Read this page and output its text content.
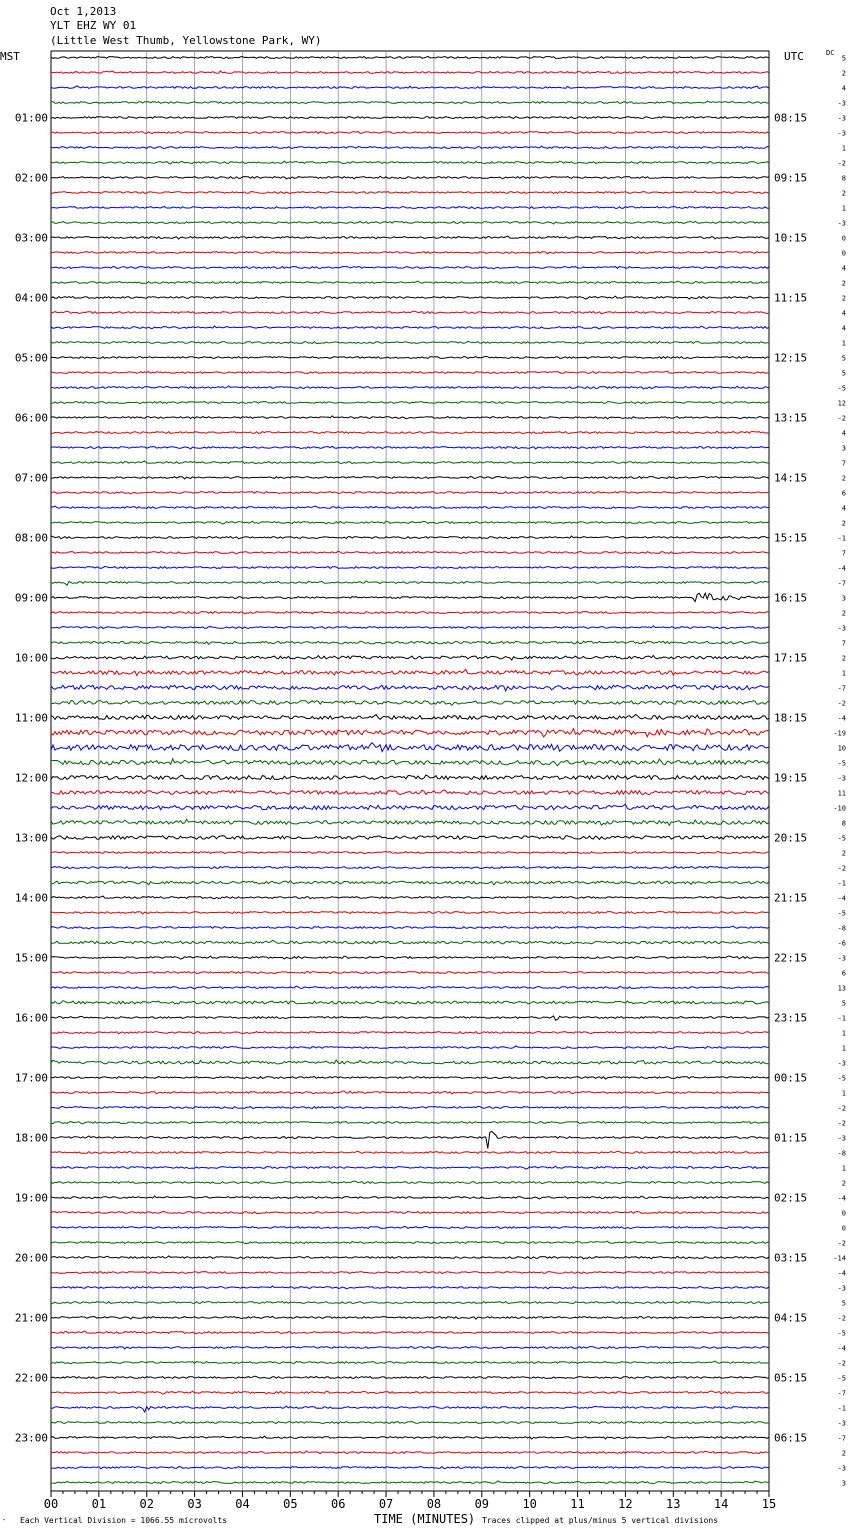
Oct 1,2013
YLT EHZ WY 01
(Little West Thumb, Yellowstone Park, WY)
MST	UTC	DC
5
2
4
-3
-3
-3
1
-2
8
2
1
-3
0
0
4
2
2
4
4
1
5
5
-5
12
-2
4
3
7
2
6
4
2
-1
7
-4
-7
3
2
-3
7
2
1
-7
-2
-4
-19
10
-5
-3
11
-10
8
-5
2
-2
-1
-4
-5
-8
-6
-3
6
13
5
-1
1
1
-3
-5
1
-2
-2
-3
-8
1
2
-4
0
0
-2
-14
-4
-3
5
-2
-5
-4
-2
-5
-7
-1
-3
-7
2
-3
3
01:00
02:00
03:00
04:00
05:00
06:00
07:00
08:00
09:00
10:00
11:00
12:00
13:00
14:00
15:00
16:00
17:00
18:00
19:00
20:00
21:00
22:00
23:00
08:15
09:15
10:15
11:15
12:15
13:15
14:15
15:15
16:15
17:15
18:15
19:15
20:15
21:15
22:15
23:15
00:15
01:15
02:15
03:15
04:15
05:15
06:15
00	01	02	03	04	05	06	07	08	09	10	11	12	13	14	15
″ Each Vertical Division = 1066.55 microvolts	TIME (MINUTES) Traces clipped at plus/minus 5 vertical divisions
